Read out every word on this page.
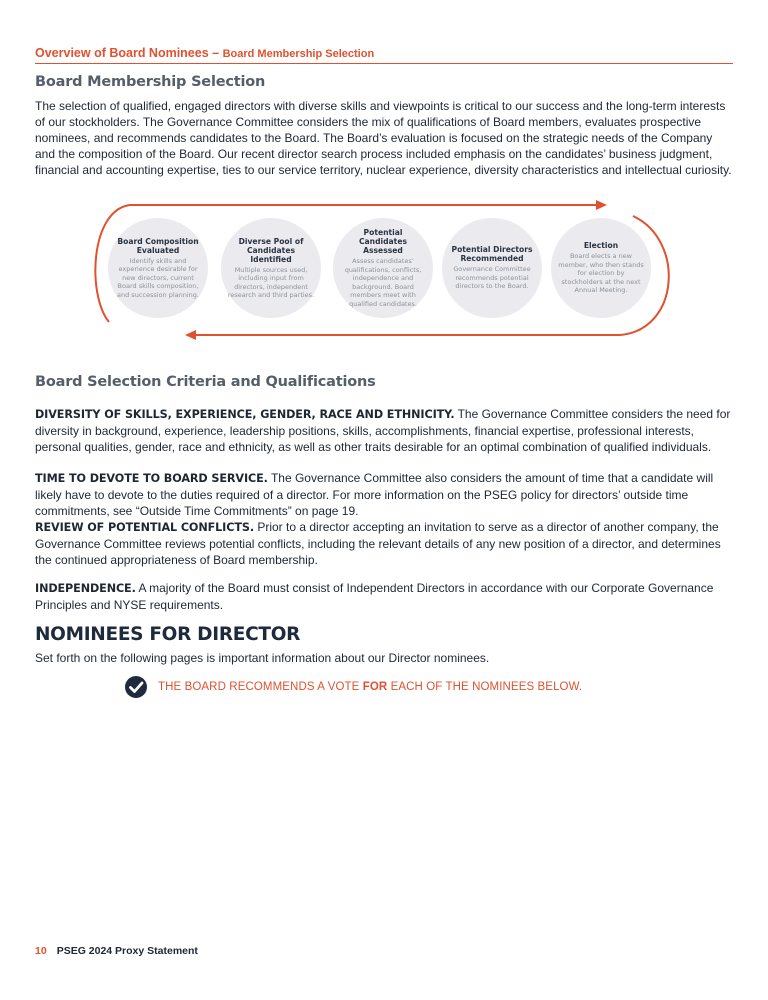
Overview of Board Nominees – Board Membership Selection
Board Membership Selection

The selection of qualified, engaged directors with diverse skills and viewpoints is critical to our success and the long-term interests of our stockholders. The Governance Committee considers the mix of qualifications of Board members, evaluates prospective nominees, and recommends candidates to the Board. The Board’s evaluation is focused on the strategic needs of the Company and the composition of the Board. Our recent director search process included emphasis on the candidates’ business judgment, financial and accounting expertise, ties to our service territory, nuclear experience, diversity characteristics and intellectual curiosity.

Board Composition Evaluated
Identify skills and experience desirable for new directors, current Board skills composition, and succession planning.
Diverse Pool of Candidates Identified
Multiple sources used, including input from directors, independent research and third parties.
Potential Candidates Assessed
Assess candidates’ qualifications, conflicts, independence and background. Board members meet with qualified candidates.
Potential Directors Recommended
Governance Committee recommends potential directors to the Board.
Election
Board elects a new member, who then stands for election by stockholders at the next Annual Meeting.
Board Selection Criteria and Qualifications

DIVERSITY OF SKILLS, EXPERIENCE, GENDER, RACE AND ETHNICITY. The Governance Committee considers the need for diversity in background, experience, leadership positions, skills, accomplishments, financial expertise, professional interests, personal qualities, gender, race and ethnicity, as well as other traits desirable for an optimal combination of qualified individuals.

TIME TO DEVOTE TO BOARD SERVICE. The Governance Committee also considers the amount of time that a candidate will likely have to devote to the duties required of a director. For more information on the PSEG policy for directors’ outside time commitments, see “Outside Time Commitments” on page 19.

REVIEW OF POTENTIAL CONFLICTS. Prior to a director accepting an invitation to serve as a director of another company, the Governance Committee reviews potential conflicts, including the relevant details of any new position of a director, and determines the continued appropriateness of Board membership.

INDEPENDENCE. A majority of the Board must consist of Independent Directors in accordance with our Corporate Governance Principles and NYSE requirements.

NOMINEES FOR DIRECTOR

Set forth on the following pages is important information about our Director nominees.

THE BOARD RECOMMENDS A VOTE FOR EACH OF THE NOMINEES BELOW.
10 PSEG 2024 Proxy Statement
